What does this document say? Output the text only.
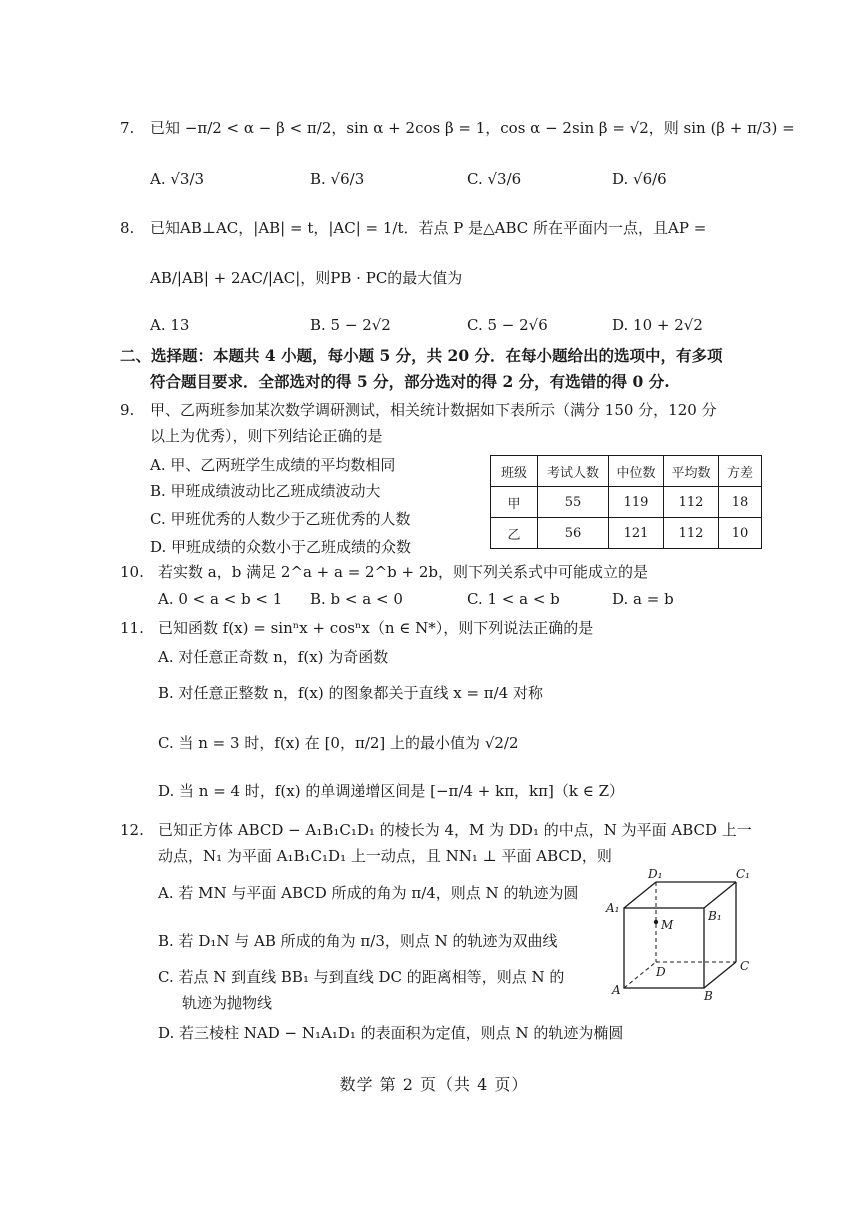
7. 已知 −π/2 < α − β < π/2，sin α + 2cos β = 1，cos α − 2sin β = √2，则 sin (β + π/3) =
A. √3/3	B. √6/3	C. √3/6	D. √6/6
8. 已知AB⊥AC，|AB| = t，|AC| = 1/t．若点 P 是△ABC 所在平面内一点，且AP =
AB/|AB| + 2AC/|AC|，则PB · PC的最大值为
A. 13	B. 5 − 2√2	C. 5 − 2√6	D. 10 + 2√2
二、选择题：本题共 4 小题，每小题 5 分，共 20 分．在每小题给出的选项中，有多项
符合题目要求．全部选对的得 5 分，部分选对的得 2 分，有选错的得 0 分.
9. 甲、乙两班参加某次数学调研测试，相关统计数据如下表所示（满分 150 分，120 分
以上为优秀），则下列结论正确的是
A. 甲、乙两班学生成绩的平均数相同
B. 甲班成绩波动比乙班成绩波动大
C. 甲班优秀的人数少于乙班优秀的人数
D. 甲班成绩的众数小于乙班成绩的众数
班级	考试人数	中位数	平均数	方差
甲	55	119	112	18
乙	56	121	112	10
10. 若实数 a，b 满足 2^a + a = 2^b + 2b，则下列关系式中可能成立的是
A. 0 < a < b < 1 B. b < a < 0	C. 1 < a < b	D. a = b
11. 已知函数 f(x) = sinⁿx + cosⁿx（n ∈ N*），则下列说法正确的是
A. 对任意正奇数 n，f(x) 为奇函数
B. 对任意正整数 n，f(x) 的图象都关于直线 x = π/4 对称
C. 当 n = 3 时，f(x) 在 [0，π/2] 上的最小值为 √2/2
D. 当 n = 4 时，f(x) 的单调递增区间是 [−π/4 + kπ，kπ]（k ∈ Z）
12. 已知正方体 ABCD − A₁B₁C₁D₁ 的棱长为 4，M 为 DD₁ 的中点，N 为平面 ABCD 上一
动点，N₁ 为平面 A₁B₁C₁D₁ 上一动点，且 NN₁ ⊥ 平面 ABCD，则
A. 若 MN 与平面 ABCD 所成的角为 π/4，则点 N 的轨迹为圆
B. 若 D₁N 与 AB 所成的角为 π/3，则点 N 的轨迹为双曲线
C. 若点 N 到直线 BB₁ 与到直线 DC 的距离相等，则点 N 的
轨迹为抛物线
D. 若三棱柱 NAD − N₁A₁D₁ 的表面积为定值，则点 N 的轨迹为椭圆
D₁	C₁
A₁
B₁
M
D	C
A	B
数学 第 2 页（共 4 页）
